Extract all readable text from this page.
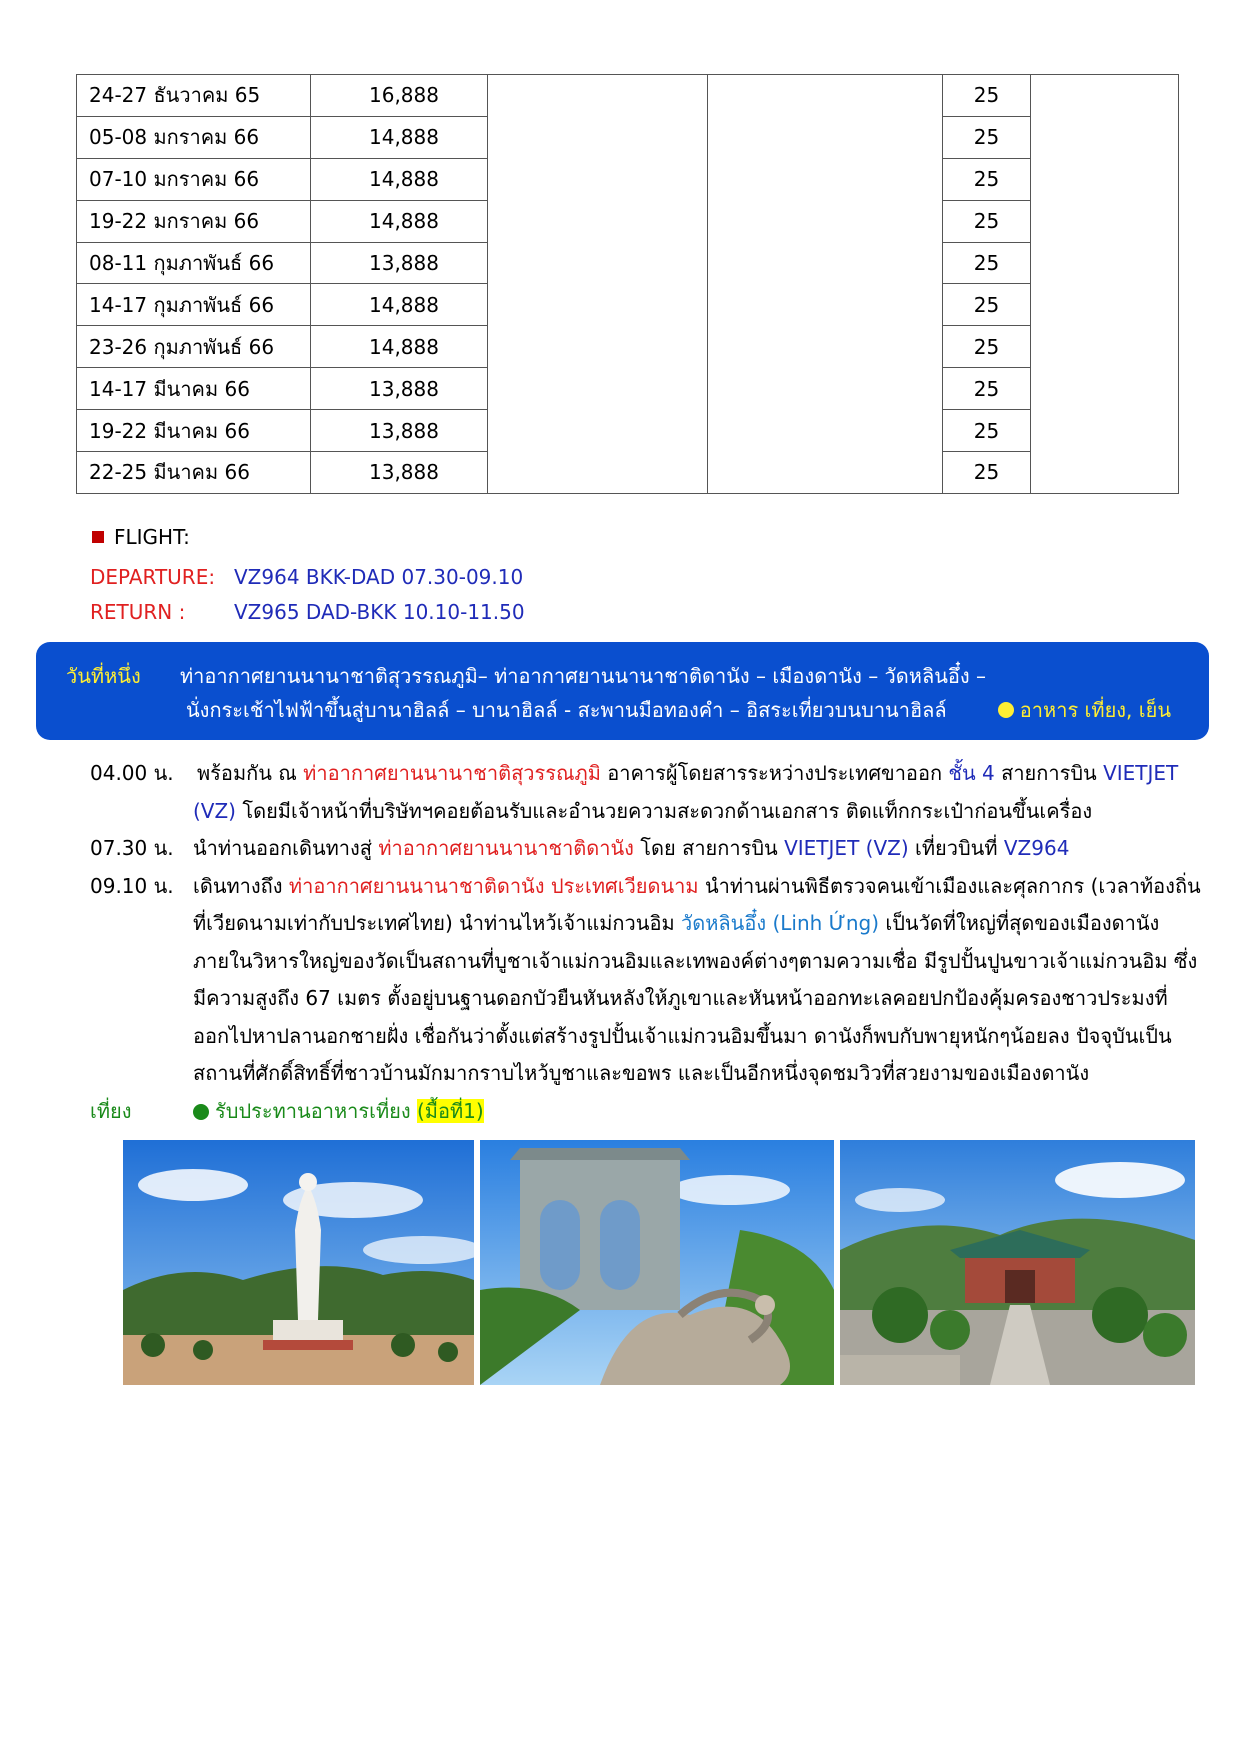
24-27 ธันวาคม 65	16,888			25	
05-08 มกราคม 66	14,888			25	
07-10 มกราคม 66	14,888			25	
19-22 มกราคม 66	14,888			25	
08-11 กุมภาพันธ์ 66	13,888			25	
14-17 กุมภาพันธ์ 66	14,888			25	
23-26 กุมภาพันธ์ 66	14,888			25	
14-17 มีนาคม 66	13,888			25	
19-22 มีนาคม 66	13,888			25	
22-25 มีนาคม 66	13,888			25	
FLIGHT:
DEPARTURE: VZ964 BKK-DAD 07.30-09.10
RETURN : VZ965 DAD-BKK 10.10-11.50
วันที่หนึ่ง ท่าอากาศยานนานาชาติสุวรรณภูมิ– ท่าอากาศยานนานาชาติดานัง – เมืองดานัง – วัดหลินอึ๋ง –
นั่งกระเช้าไฟฟ้าขึ้นสู่บานาฮิลล์ – บานาฮิลล์ - สะพานมือทองคำ – อิสระเที่ยวบนบานาฮิลล์	อาหาร เที่ยง, เย็น
04.00 น. พร้อมกัน ณ ท่าอากาศยานนานาชาติสุวรรณภูมิ อาคารผู้โดยสารระหว่างประเทศขาออก ชั้น 4 สายการบิน VIETJET
(VZ) โดยมีเจ้าหน้าที่บริษัทฯคอยต้อนรับและอำนวยความสะดวกด้านเอกสาร ติดแท็กกระเป๋าก่อนขึ้นเครื่อง
07.30 น. นำท่านออกเดินทางสู่ ท่าอากาศยานนานาชาติดานัง โดย สายการบิน VIETJET (VZ) เที่ยวบินที่ VZ964
09.10 น. เดินทางถึง ท่าอากาศยานนานาชาติดานัง ประเทศเวียดนาม นำท่านผ่านพิธีตรวจคนเข้าเมืองและศุลกากร (เวลาท้องถิ่น
ที่เวียดนามเท่ากับประเทศไทย) นำท่านไหว้เจ้าแม่กวนอิม วัดหลินอึ๋ง (Linh Ứng) เป็นวัดที่ใหญ่ที่สุดของเมืองดานัง
ภายในวิหารใหญ่ของวัดเป็นสถานที่บูชาเจ้าแม่กวนอิมและเทพองค์ต่างๆตามความเชื่อ มีรูปปั้นปูนขาวเจ้าแม่กวนอิม ซึ่ง
มีความสูงถึง 67 เมตร ตั้งอยู่บนฐานดอกบัวยืนหันหลังให้ภูเขาและหันหน้าออกทะเลคอยปกป้องคุ้มครองชาวประมงที่
ออกไปหาปลานอกชายฝั่ง เชื่อกันว่าตั้งแต่สร้างรูปปั้นเจ้าแม่กวนอิมขึ้นมา ดานังก็พบกับพายุหนักๆน้อยลง ปัจจุบันเป็น
สถานที่ศักดิ์สิทธิ์ที่ชาวบ้านมักมากราบไหว้บูชาและขอพร และเป็นอีกหนึ่งจุดชมวิวที่สวยงามของเมืองดานัง
เที่ยง	รับประทานอาหารเที่ยง (มื้อที่1)
